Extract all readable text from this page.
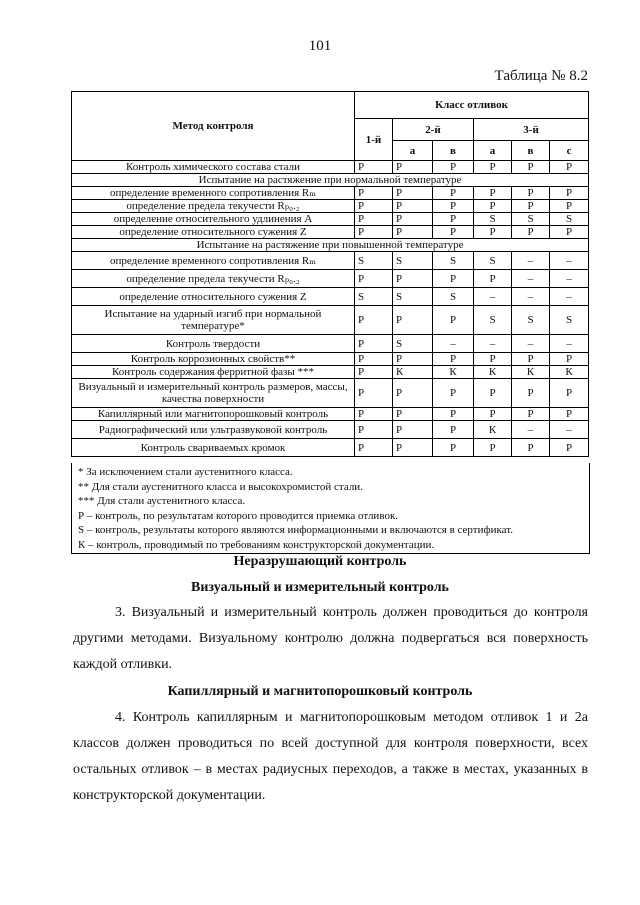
101
Таблица № 8.2
Метод контроля	Класс отливок					
	1-й	2-й		3-й		
		а	в	а	в	с
Контроль химического состава стали	Р	Р	Р	Р	Р	Р
Испытание на растяжение при нормальной температуре						
определение временного сопротивления Rₘ	Р	Р	Р	Р	Р	Р
определение предела текучести Rₚ₀.₂	Р	Р	Р	Р	Р	Р
определение относительного удлинения A	Р	Р	Р	S	S	S
определение относительного сужения Z	Р	Р	Р	Р	Р	Р
Испытание на растяжение при повышенной температуре						
определение временного сопротивления Rₘ	S	S	S	S	–	–
определение предела текучести Rₚ₀.₂	Р	Р	Р	Р	–	–
определение относительного сужения Z	S	S	S	–	–	–
Испытание на ударный изгиб при нормальной температуре*	Р	Р	Р	S	S	S
Контроль твердости	Р	S	–	–	–	–
Контроль коррозионных свойств**	Р	Р	Р	Р	Р	Р
Контроль содержания ферритной фазы ***	Р	К	К	К	К	К
Визуальный и измерительный контроль размеров, массы, качества поверхности	Р	Р	Р	Р	Р	Р
Капиллярный или магнитопорошковый контроль	Р	Р	Р	Р	Р	Р
Радиографический или ультразвуковой контроль	Р	Р	Р	К	–	–
Контроль свариваемых кромок	Р	Р	Р	Р	Р	Р
* За исключением стали аустенитного класса.
** Для стали аустенитного класса и высокохромистой стали.
*** Для стали аустенитного класса.
Р – контроль, по результатам которого проводится приемка отливок.
S – контроль, результаты которого являются информационными и включаются в сертификат.
К – контроль, проводимый по требованиям конструкторской документации.
Неразрушающий контроль
Визуальный и измерительный контроль
3. Визуальный и измерительный контроль должен проводиться до контроля другими методами. Визуальному контролю должна подвергаться вся поверхность каждой отливки.
Капиллярный и магнитопорошковый контроль
4. Контроль капиллярным и магнитопорошковым методом отливок 1 и 2а классов должен проводиться по всей доступной для контроля поверхности, всех остальных отливок – в местах радиусных переходов, а также в местах, указанных в конструкторской документации.
